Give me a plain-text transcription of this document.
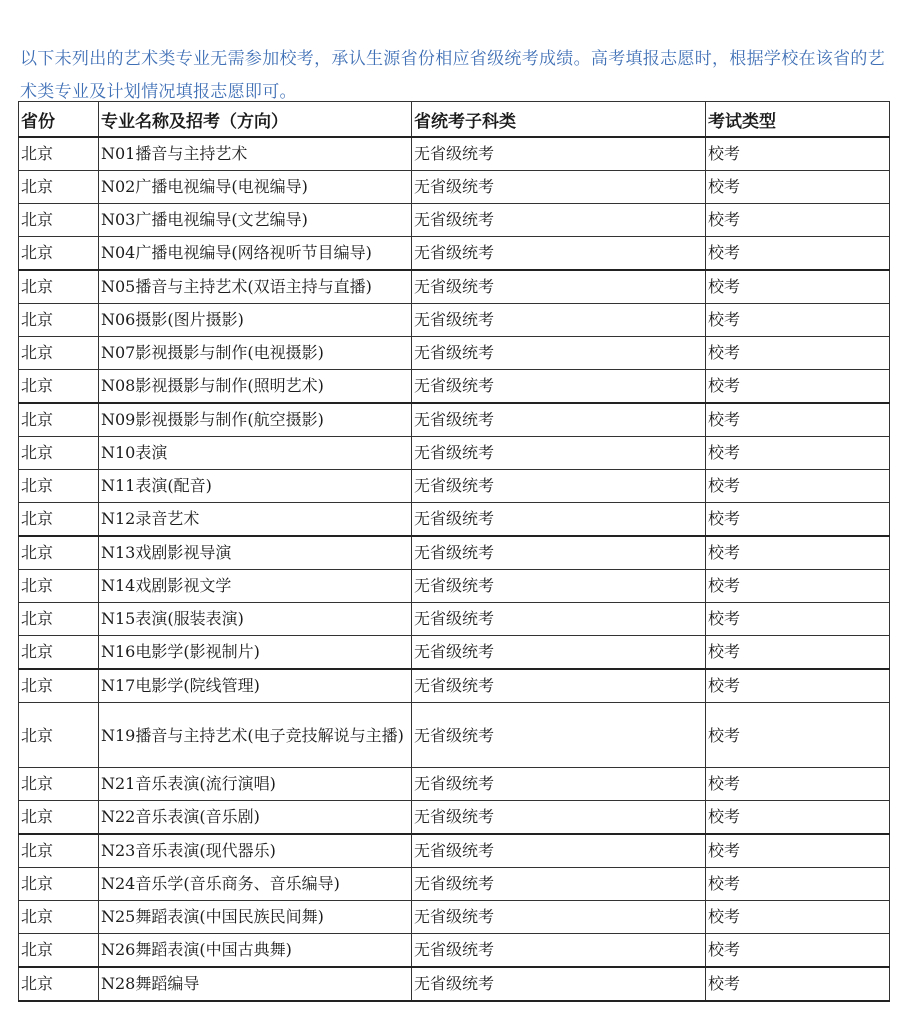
以下未列出的艺术类专业无需参加校考，承认生源省份相应省级统考成绩。高考填报志愿时，根据学校在该省的艺术类专业及计划情况填报志愿即可。

省份	专业名称及招考（方向）	省统考子科类	考试类型
北京	N01播音与主持艺术	无省级统考	校考
北京	N02广播电视编导(电视编导)	无省级统考	校考
北京	N03广播电视编导(文艺编导)	无省级统考	校考
北京	N04广播电视编导(网络视听节目编导)	无省级统考	校考
北京	N05播音与主持艺术(双语主持与直播)	无省级统考	校考
北京	N06摄影(图片摄影)	无省级统考	校考
北京	N07影视摄影与制作(电视摄影)	无省级统考	校考
北京	N08影视摄影与制作(照明艺术)	无省级统考	校考
北京	N09影视摄影与制作(航空摄影)	无省级统考	校考
北京	N10表演	无省级统考	校考
北京	N11表演(配音)	无省级统考	校考
北京	N12录音艺术	无省级统考	校考
北京	N13戏剧影视导演	无省级统考	校考
北京	N14戏剧影视文学	无省级统考	校考
北京	N15表演(服装表演)	无省级统考	校考
北京	N16电影学(影视制片)	无省级统考	校考
北京	N17电影学(院线管理)	无省级统考	校考
北京	N19播音与主持艺术(电子竞技解说与主播)	无省级统考	校考
北京	N21音乐表演(流行演唱)	无省级统考	校考
北京	N22音乐表演(音乐剧)	无省级统考	校考
北京	N23音乐表演(现代器乐)	无省级统考	校考
北京	N24音乐学(音乐商务、音乐编导)	无省级统考	校考
北京	N25舞蹈表演(中国民族民间舞)	无省级统考	校考
北京	N26舞蹈表演(中国古典舞)	无省级统考	校考
北京	N28舞蹈编导	无省级统考	校考
